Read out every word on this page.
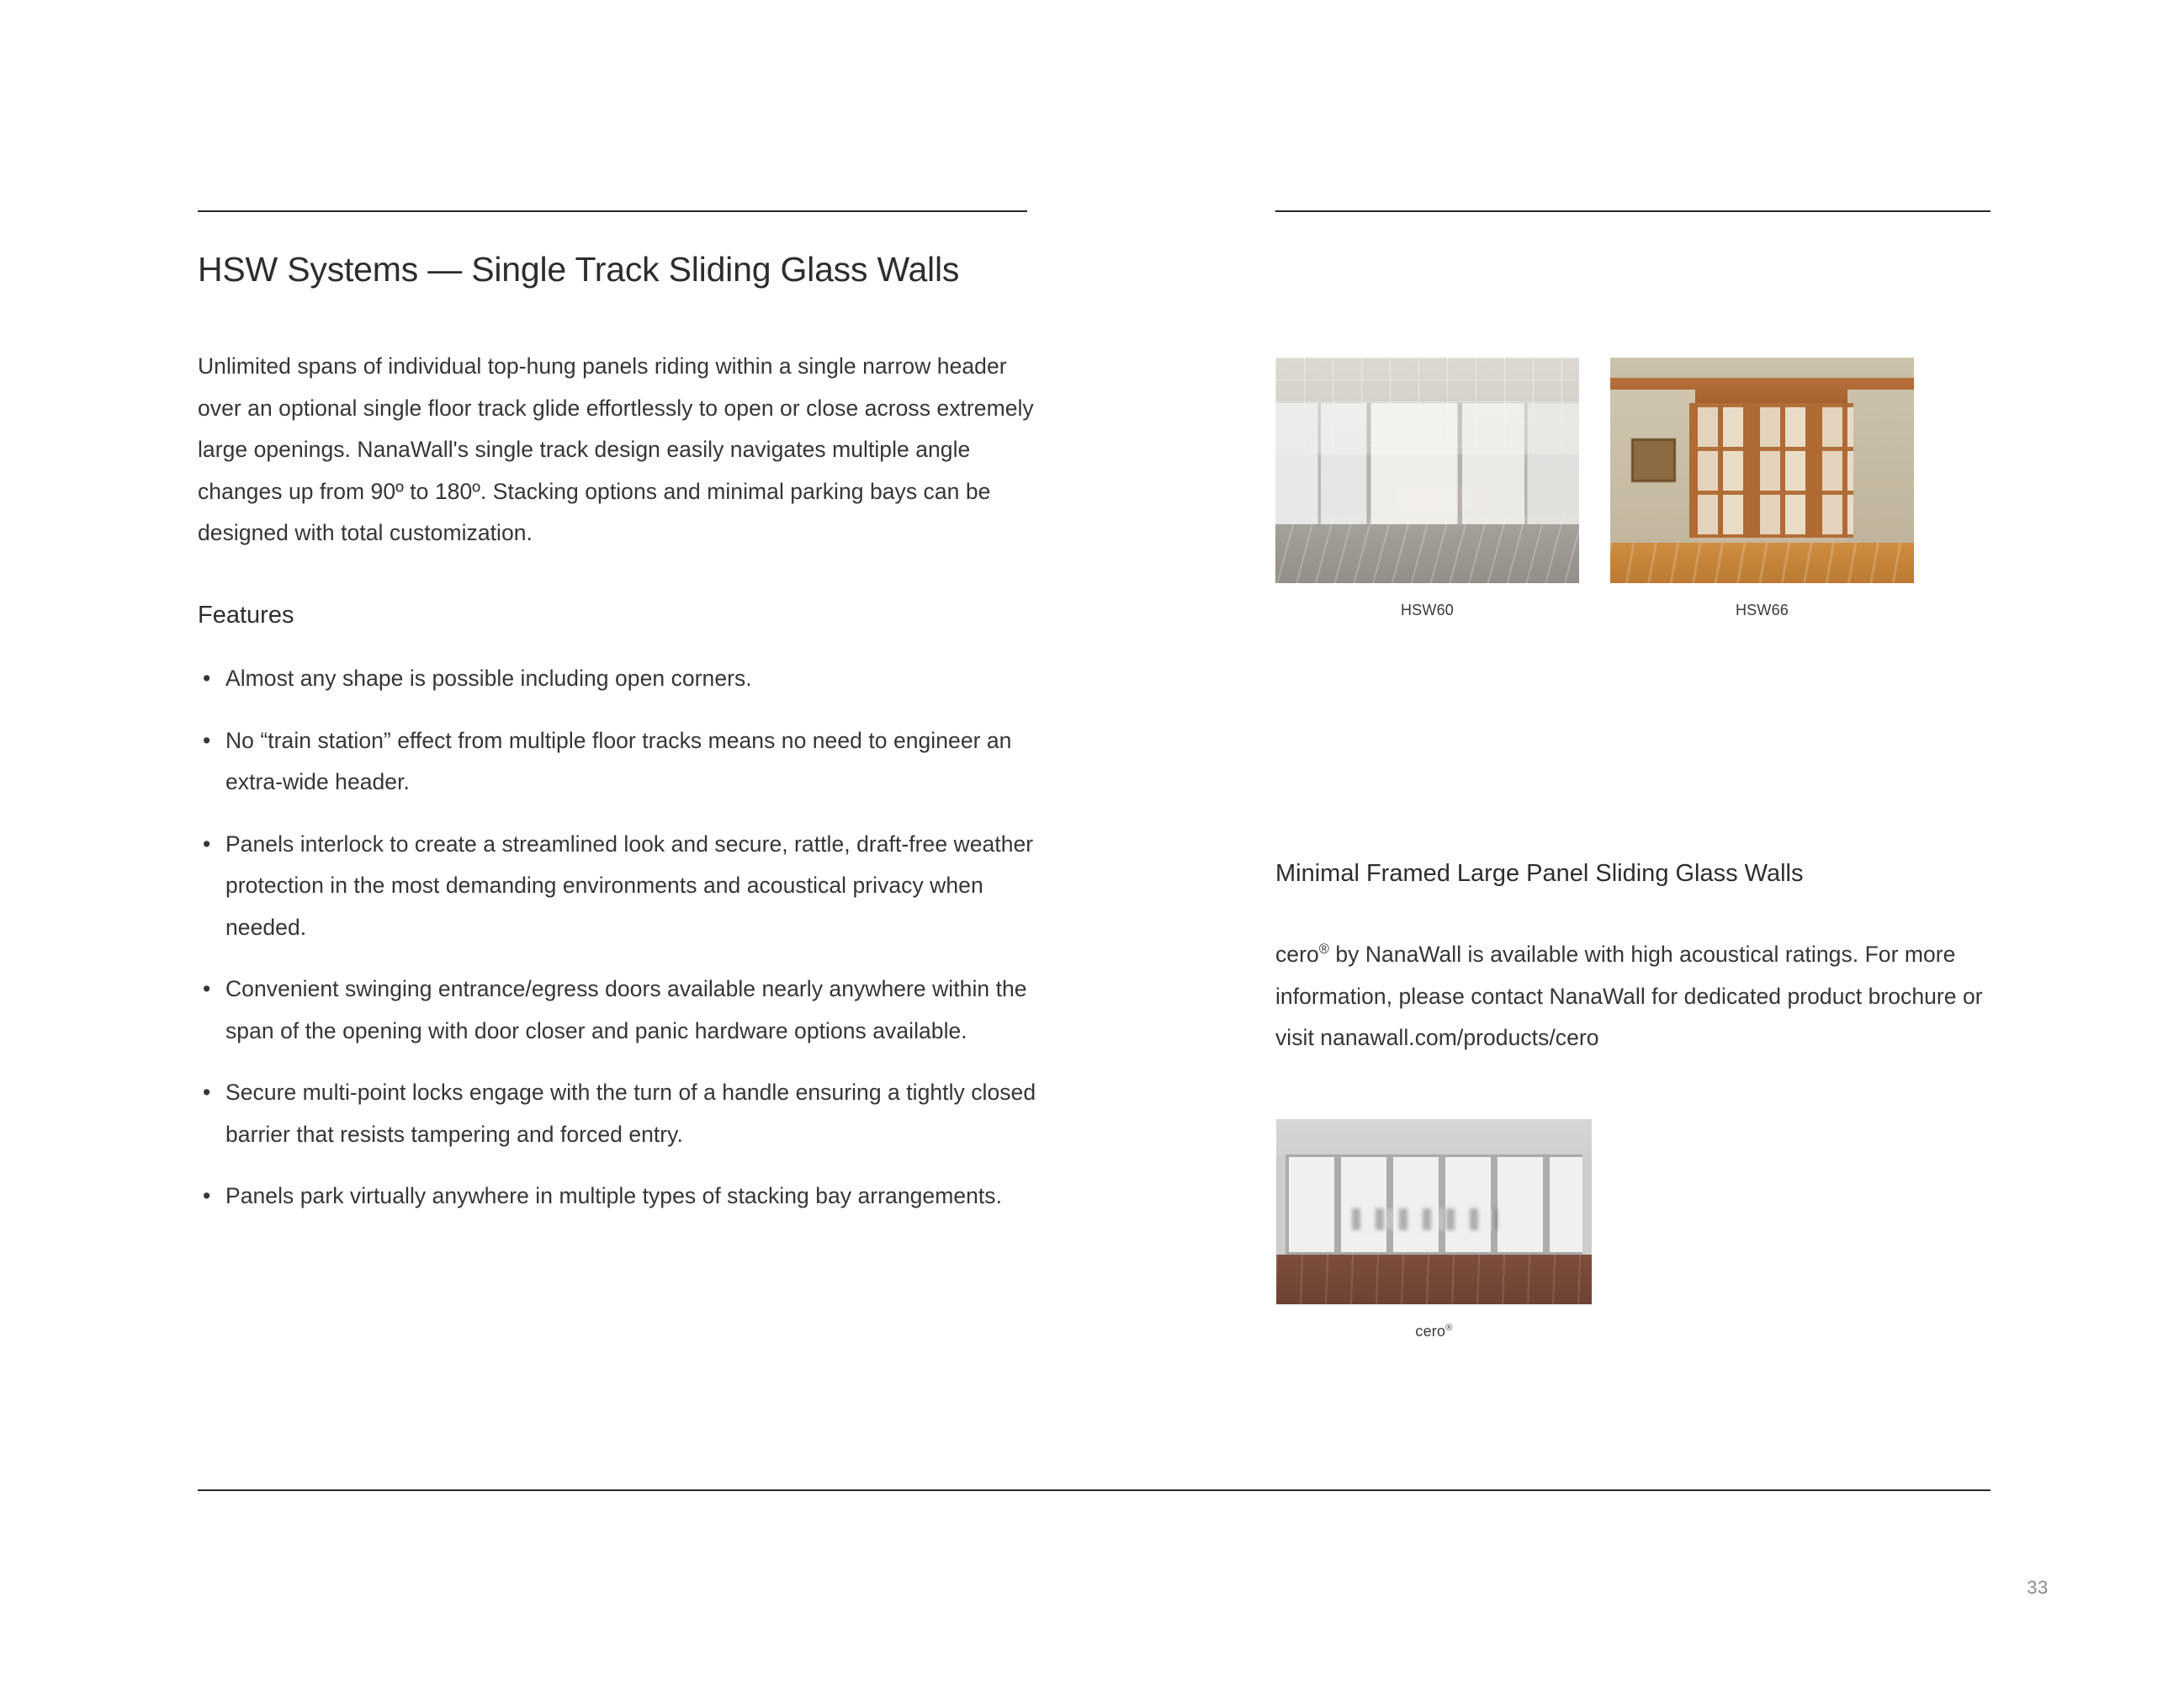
HSW Systems — Single Track Sliding Glass Walls

Unlimited spans of individual top-hung panels riding within a single narrow header over an optional single floor track glide effortlessly to open or close across extremely large openings. NanaWall's single track design easily navigates multiple angle changes up from 90º to 180º. Stacking options and minimal parking bays can be designed with total customization.

Features
• Almost any shape is possible including open corners.
• No “train station” effect from multiple floor tracks means no need to engineer an extra-wide header.
• Panels interlock to create a streamlined look and secure, rattle, draft-free weather protection in the most demanding environments and acoustical privacy when needed.
• Convenient swinging entrance/egress doors available nearly anywhere within the span of the opening with door closer and panic hardware options available.
• Secure multi-point locks engage with the turn of a handle ensuring a tightly closed barrier that resists tampering and forced entry.
• Panels park virtually anywhere in multiple types of stacking bay arrangements.
HSW60	HSW66
Minimal Framed Large Panel Sliding Glass Walls

cero® by NanaWall is available with high acoustical ratings. For more information, please contact NanaWall for dedicated product brochure or visit nanawall.com/products/cero

cero®
33
